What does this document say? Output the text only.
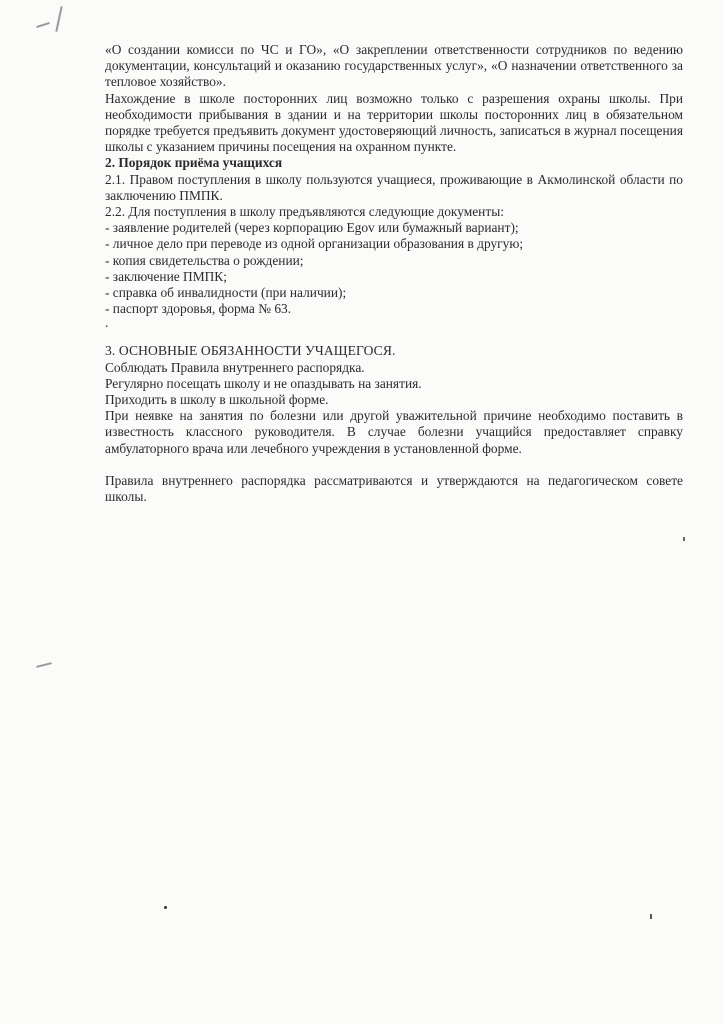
«О создании комисси по ЧС и ГО», «О закреплении ответственности сотрудников по ведению документации, консультаций и оказанию государственных услуг», «О назначении ответственного за тепловое хозяйство».

Нахождение в школе посторонних лиц возможно только с разрешения охраны школы. При необходимости прибывания в здании и на территории школы посторонних лиц в обязательном порядке требуется предъявить документ удостоверяющий личность, записаться в журнал посещения школы с указанием причины посещения на охранном пункте.

2. Порядок приёма учащихся

2.1. Правом поступления в школу пользуются учащиеся, проживающие в Акмолинской области по заключению ПМПК.

2.2. Для поступления в школу предъявляются следующие документы:

- заявление родителей (через корпорацию Egov или бумажный вариант);
- личное дело при переводе из одной организации образования в другую;
- копия свидетельства о рождении;
- заключение ПМПК;
- справка об инвалидности (при наличии);
- паспорт здоровья, форма № 63.

.

3. ОСНОВНЫЕ ОБЯЗАННОСТИ УЧАЩЕГОСЯ.

Соблюдать Правила внутреннего распорядка.

Регулярно посещать школу и не опаздывать на занятия.

Приходить в школу в школьной форме.

При неявке на занятия по болезни или другой уважительной причине необходимо поставить в известность классного руководителя. В случае болезни учащийся предоставляет справку амбулаторного врача или лечебного учреждения в установленной форме.

Правила внутреннего распорядка рассматриваются и утверждаются на педагогическом совете школы.
